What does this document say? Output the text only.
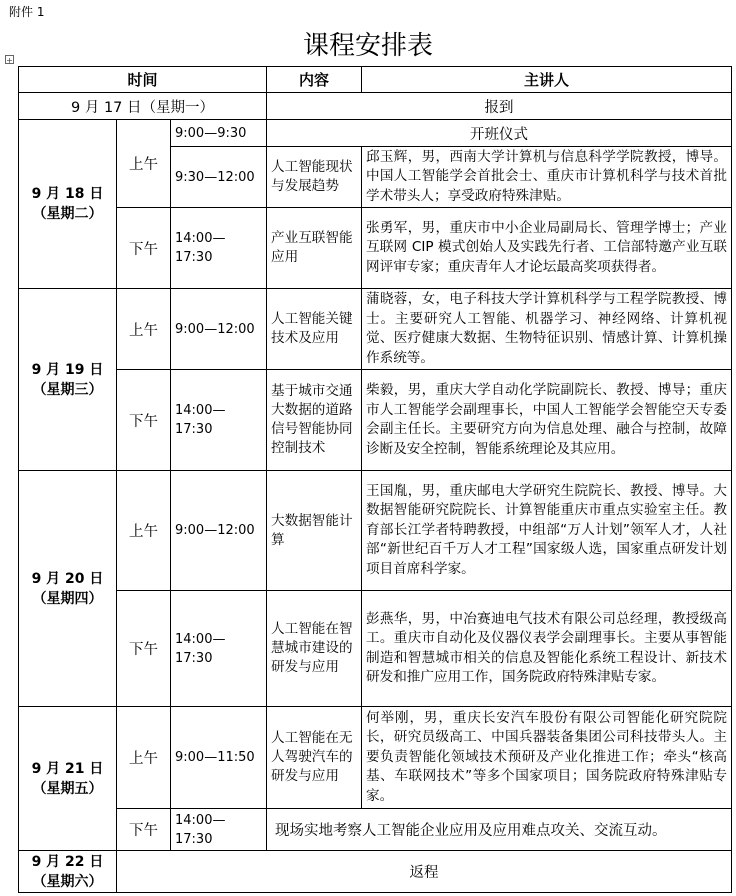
附件 1
课程安排表
+
时间			内容	主讲人
9 月 17 日（星期一）			报到	

9 月 18 日
（星期二）	上午	9:00—9:30	开班仪式	
		9:30—12:00	人工智能现状与发展趋势	邱玉辉，男，西南大学计算机与信息科学学院教授，博导。中国人工智能学会首批会士、重庆市计算机科学与技术首批学术带头人；享受政府特殊津贴。
	下午	14:00—17:30	产业互联智能应用	张勇军，男，重庆市中小企业局副局长、管理学博士；产业互联网 CIP 模式创始人及实践先行者、工信部特邀产业互联网评审专家；重庆青年人才论坛最高奖项获得者。

9 月 19 日
（星期三）	上午	9:00—12:00	人工智能关键技术及应用	蒲晓蓉，女，电子科技大学计算机科学与工程学院教授、博士。主要研究人工智能、机器学习、神经网络、计算机视觉、医疗健康大数据、生物特征识别、情感计算、计算机操作系统等。
	下午	14:00—17:30	基于城市交通大数据的道路信号智能协同控制技术	柴毅，男，重庆大学自动化学院副院长、教授、博导；重庆市人工智能学会副理事长，中国人工智能学会智能空天专委会副主任长。主要研究方向为信息处理、融合与控制，故障诊断及安全控制，智能系统理论及其应用。

9 月 20 日
（星期四）	上午	9:00—12:00	大数据智能计算	王国胤，男，重庆邮电大学研究生院院长、教授、博导。大数据智能研究院院长、计算智能重庆市重点实验室主任。教育部长江学者特聘教授，中组部“万人计划”领军人才，人社部“新世纪百千万人才工程”国家级人选，国家重点研发计划项目首席科学家。
	下午	14:00—17:30	人工智能在智慧城市建设的研发与应用	彭燕华，男，中冶赛迪电气技术有限公司总经理，教授级高工。重庆市自动化及仪器仪表学会副理事长。主要从事智能制造和智慧城市相关的信息及智能化系统工程设计、新技术研发和推广应用工作，国务院政府特殊津贴专家。

9 月 21 日
（星期五）	上午	9:00—11:50	人工智能在无人驾驶汽车的研发与应用	何举刚，男，重庆长安汽车股份有限公司智能化研究院院长，研究员级高工、中国兵器装备集团公司科技带头人。主要负责智能化领域技术预研及产业化推进工作；牵头“核高基、车联网技术”等多个国家项目；国务院政府特殊津贴专家。
	下午	14:00—17:30	现场实地考察人工智能企业应用及应用难点攻关、交流互动。	

9 月 22 日
（星期六）	返程			
